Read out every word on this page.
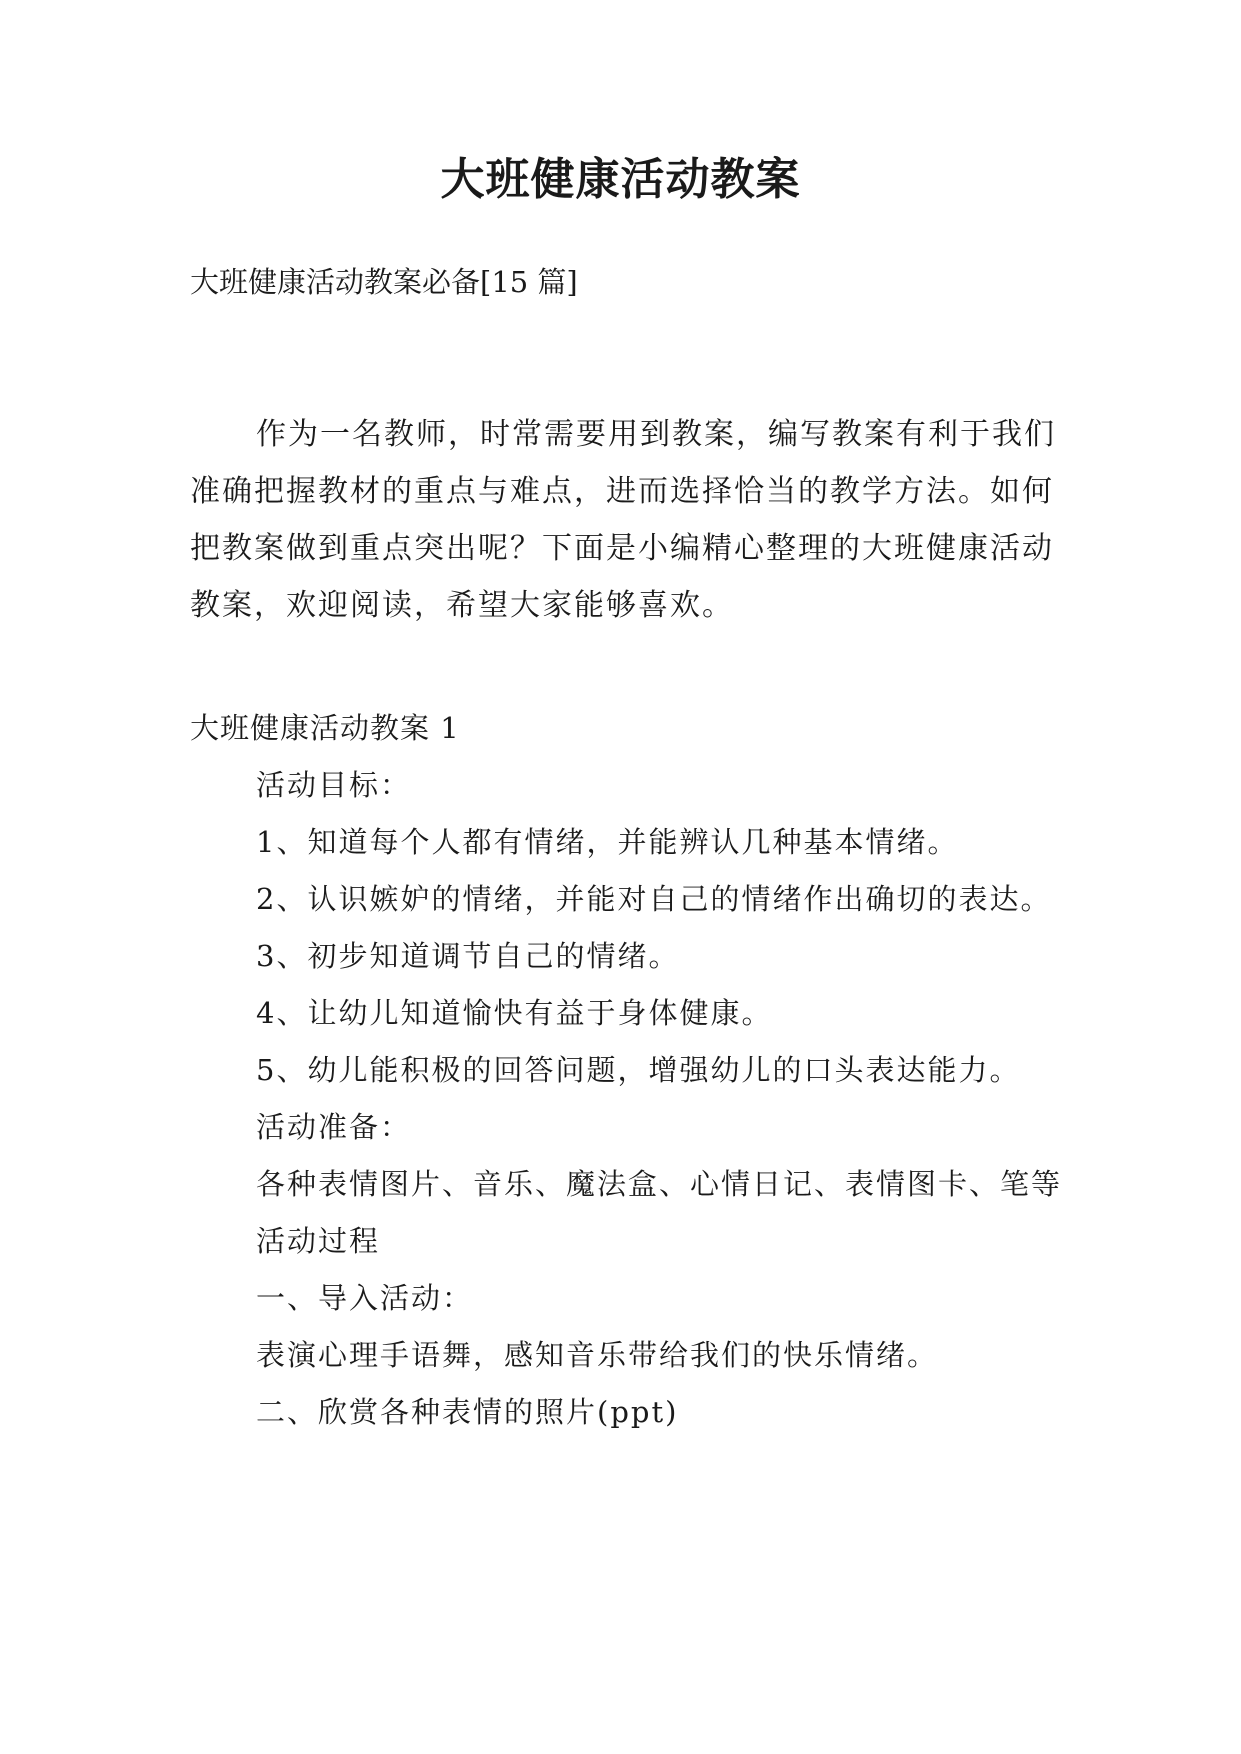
大班健康活动教案
大班健康活动教案必备[15 篇]
作为一名教师，时常需要用到教案，编写教案有利于我们准确把握教材的重点与难点，进而选择恰当的教学方法。如何把教案做到重点突出呢？下面是小编精心整理的大班健康活动教案，欢迎阅读，希望大家能够喜欢。

大班健康活动教案 1

活动目标：

1、知道每个人都有情绪，并能辨认几种基本情绪。

2、认识嫉妒的情绪，并能对自己的情绪作出确切的表达。

3、初步知道调节自己的情绪。

4、让幼儿知道愉快有益于身体健康。

5、幼儿能积极的回答问题，增强幼儿的口头表达能力。

活动准备：

各种表情图片、音乐、魔法盒、心情日记、表情图卡、笔等

活动过程

一、导入活动：

表演心理手语舞，感知音乐带给我们的快乐情绪。

二、欣赏各种表情的照片(ppt)
